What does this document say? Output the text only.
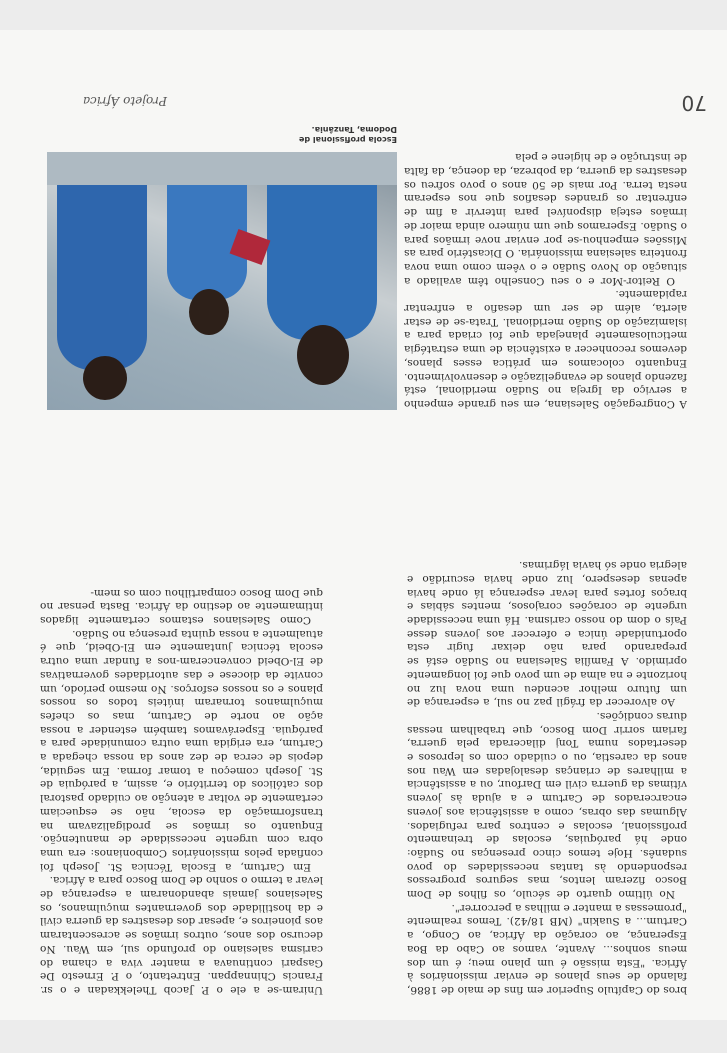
bros do Capítulo Superior em fins de maio de 1886, falando de seus planos de enviar missionários à África. "Esta missão é um plano meu; é um dos meus sonhos... Avante, vamos ao Cabo da Boa Esperança, ao coração da África, ao Congo, a Cartum... a Suakin" (MB 18/42). Temos realmente "promessas a manter e milhas a percorrer".

No último quarto de século, os filhos de Dom Bosco fizeram lentos, mas seguros progressos respondendo às tantas necessidades do povo sudanês. Hoje temos cinco presenças no Sudão: onde há paróquias, escolas de treinamento profissional, escolas e centros para refugiados. Algumas das obras, como a assistência aos jovens encarcerados de Cartum e a ajuda às jovens vítimas da guerra civil em Darfour, ou a assistência a milhares de crianças desalojadas em Wau nos anos da carestia, ou o cuidado com os leprosos e desertados numa Tonj dilacerada pela guerra, fariam sorrir Dom Bosco, que trabalham nessas duras condições.

Ao alvorecer da frágil paz no sul, a esperança de um futuro melhor acendeu uma nova luz no horizonte e na alma de um povo que foi longamente oprimido. A Família Salesiana no Sudão está se preparando para não deixar fugir esta oportunidade única e oferecer aos jovens desse País o dom do nosso carisma. Há uma necessidade urgente de corações corajosos, mentes sábias e braços fortes para levar esperança lá onde havia apenas desespero, luz onde havia escuridão e alegria onde só havia lágrimas.

Uniram-se a ele o P. Jacob Thelekkadan e o sr. Francis Chinnappan. Entretanto, o P. Ernesto De Gaspari continuava a manter viva a chama do carisma salesiano do profundo sul, em Wau. No decurso dos anos, outros irmãos se acrescentaram aos pioneiros e, apesar dos desastres da guerra civil e da hostilidade dos governantes muçulmanos, os Salesianos jamais abandonaram a esperança de levar a termo o sonho de Dom Bosco para a África.

Em Cartum, a Escola Técnica St. Joseph foi confiada pelos missionários Combonianos: era uma obra com urgente necessidade de manutenção. Enquanto os irmãos se prodigalizavam na transformação da escola, não se esqueciam certamente de voltar a atenção ao cuidado pastoral dos católicos do território e, assim, a paróquia de St. Joseph começou a tomar forma. Em seguida, depois de cerca de dez anos da nossa chegada a Cartum, era erigida uma outra comunidade para a paróquia. Esperávamos também estender a nossa ação ao norte de Cartum, mas os chefes muçulmanos tornaram inúteis todos os nossos planos e os nossos esforços. No mesmo período, um convite da diocese e das autoridades governativas de El-Obeid convenceram-nos a fundar uma outra escola técnica juntamente em El-Obeid, que é atualmente a nossa quinta presença no Sudão.

Como Salesianos estamos certamente ligados intimamente ao destino da África. Basta pensar no que Dom Bosco compartilhou com os mem-

A Congregação Salesiana, em seu grande empenho a serviço da Igreja no Sudão meridional, está fazendo planos de evangelização e desenvolvimento. Enquanto colocamos em prática esses planos, devemos reconhecer a existência de uma estratégia meticulosamente planejada que foi criada para a islamização do Sudão meridional. Trata-se de estar alerta, além de ser um desafio a enfrentar rapidamente.

O Reitor-Mor e o seu Conselho têm avaliado a situação do Novo Sudão e o vêem como uma nova fronteira salesiana missionária. O Dicastério para as Missões empenhou-se por enviar nove irmãos para o Sudão. Esperamos que um número ainda maior de irmãos esteja disponível para intervir a fim de enfrentar os grandes desafios que nos esperam nesta terra. Por mais de 50 anos o povo sofreu os desastres da guerra, da pobreza, da doença, da falta de instrução e de higiene e pela

Escola profissional de Dodoma, Tanzânia.
70
Projeto África
